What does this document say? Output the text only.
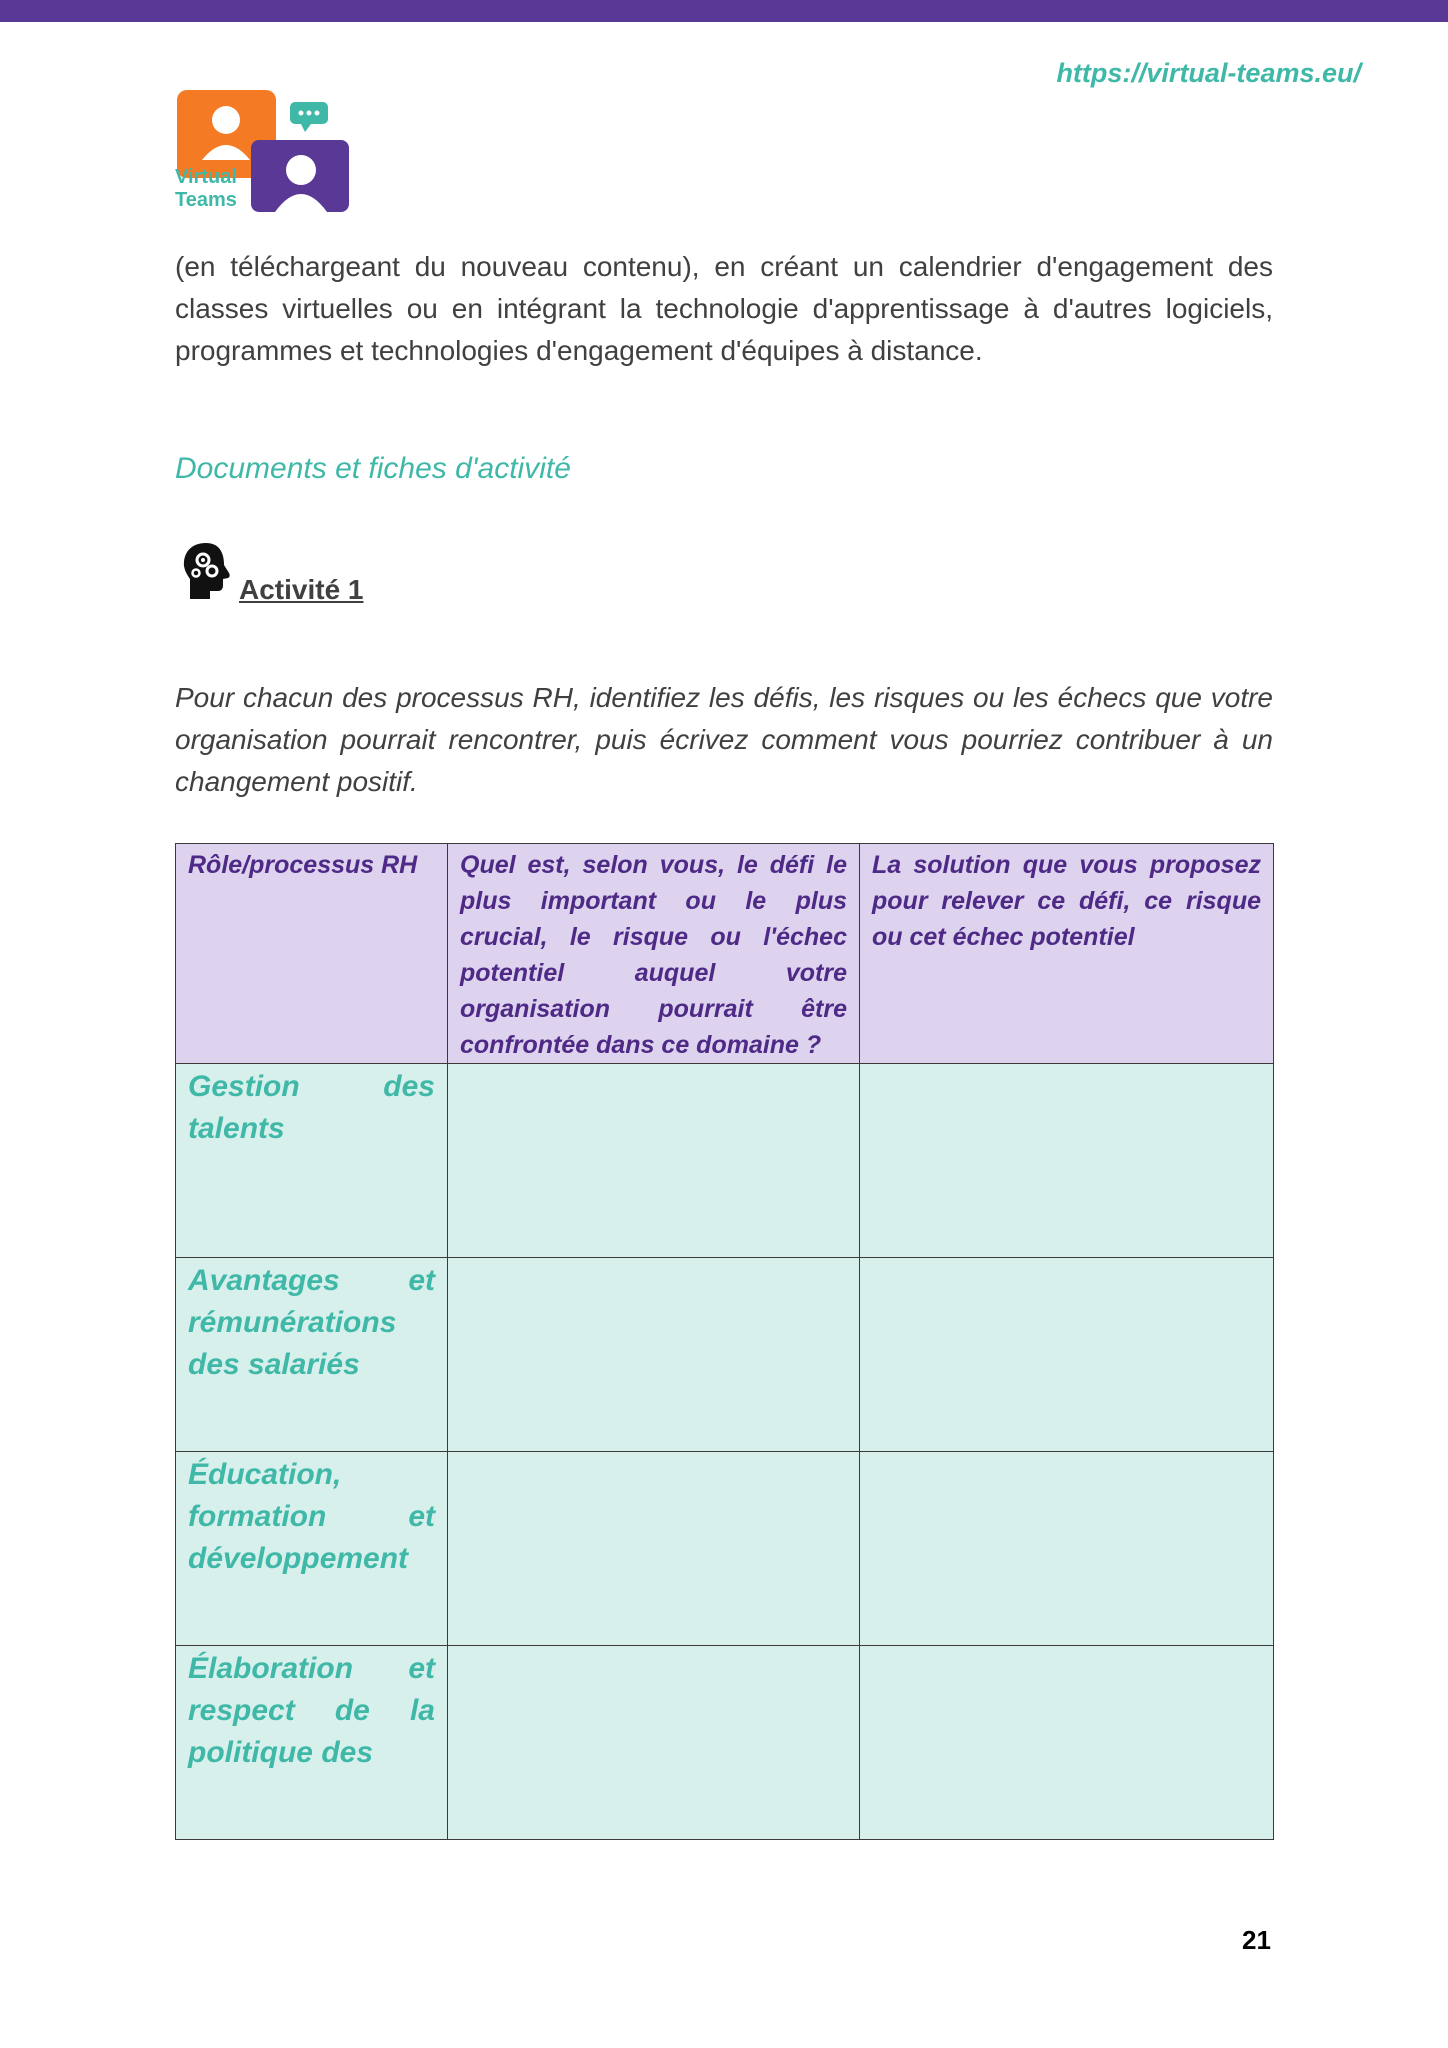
https://virtual-teams.eu/
Virtual
Teams
(en téléchargeant du nouveau contenu), en créant un calendrier d'engagement des classes virtuelles ou en intégrant la technologie d'apprentissage à d'autres logiciels, programmes et technologies d'engagement d'équipes à distance.
Documents et fiches d'activité
Activité 1
Pour chacun des processus RH, identifiez les défis, les risques ou les échecs que votre organisation pourrait rencontrer, puis écrivez comment vous pourriez contribuer à un changement positif.
Rôle/processus RH	Quel est, selon vous, le défi le plus important ou le plus crucial, le risque ou l'échec potentiel auquel votre organisation pourrait être confrontée dans ce domaine ?	La solution que vous proposez pour relever ce défi, ce risque ou cet échec potentiel
Gestion des talents		
Avantages et rémunérations des salariés		
Éducation, formation et développement		
Élaboration et respect de la politique des		
21
